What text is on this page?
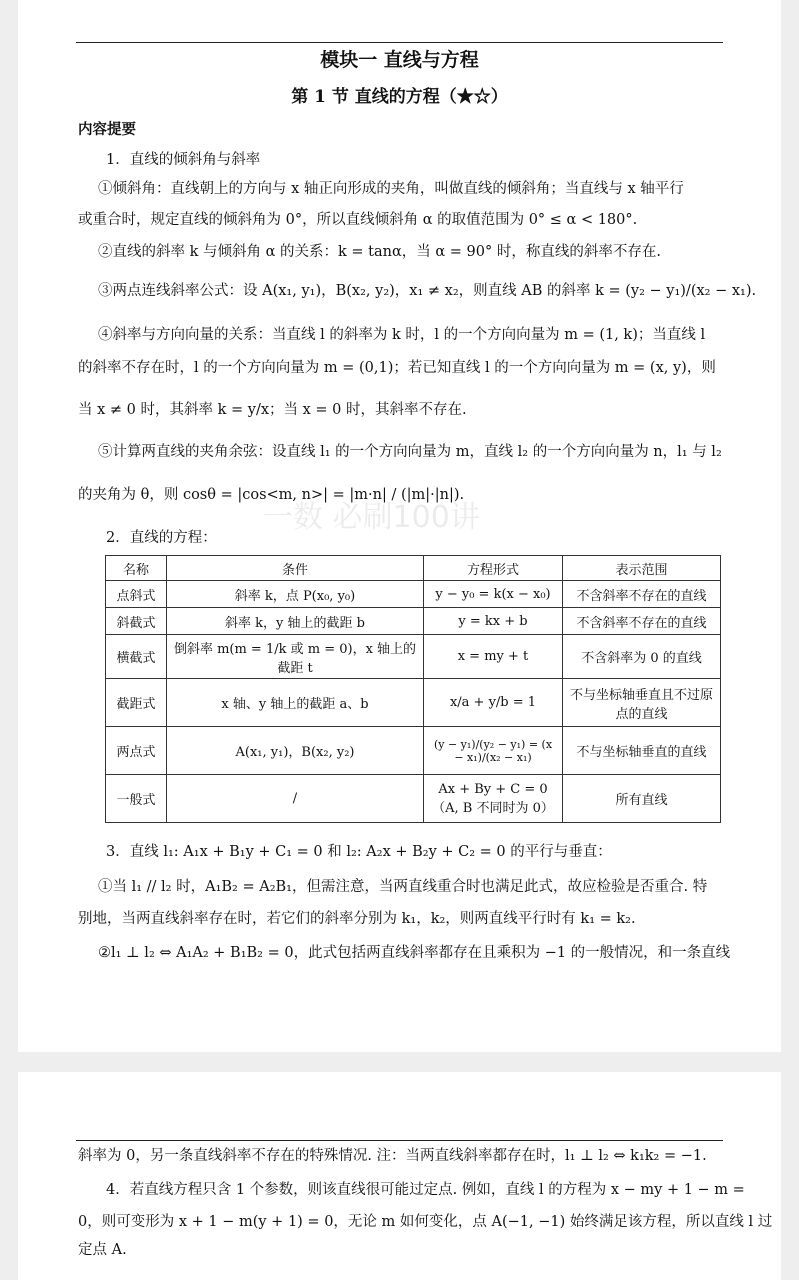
模块一 直线与方程
第 1 节 直线的方程（★☆）
内容提要
1．直线的倾斜角与斜率
①倾斜角：直线朝上的方向与 x 轴正向形成的夹角，叫做直线的倾斜角；当直线与 x 轴平行
或重合时，规定直线的倾斜角为 0°，所以直线倾斜角 α 的取值范围为 0° ≤ α < 180°.
②直线的斜率 k 与倾斜角 α 的关系：k = tanα，当 α = 90° 时，称直线的斜率不存在.
③两点连线斜率公式：设 A(x₁, y₁)，B(x₂, y₂)，x₁ ≠ x₂，则直线 AB 的斜率 k = (y₂ − y₁)/(x₂ − x₁).
④斜率与方向向量的关系：当直线 l 的斜率为 k 时，l 的一个方向向量为 m = (1, k)；当直线 l
的斜率不存在时，l 的一个方向向量为 m = (0,1)；若已知直线 l 的一个方向向量为 m = (x, y)，则
当 x ≠ 0 时，其斜率 k = y/x；当 x = 0 时，其斜率不存在.
⑤计算两直线的夹角余弦：设直线 l₁ 的一个方向向量为 m，直线 l₂ 的一个方向向量为 n，l₁ 与 l₂
的夹角为 θ，则 cosθ = |cos<m, n>| = |m·n| / (|m|·|n|).
一数 必刷100讲
2．直线的方程：
名称	条件	方程形式	表示范围
点斜式	斜率 k，点 P(x₀, y₀)	y − y₀ = k(x − x₀)	不含斜率不存在的直线
斜截式	斜率 k，y 轴上的截距 b	y = kx + b	不含斜率不存在的直线
横截式	倒斜率 m(m = 1/k 或 m = 0)，x 轴上的截距 t	x = my + t	不含斜率为 0 的直线
截距式	x 轴、y 轴上的截距 a、b	x/a + y/b = 1	不与坐标轴垂直且不过原点的直线
两点式	A(x₁, y₁)，B(x₂, y₂)	(y − y₁)/(y₂ − y₁) = (x − x₁)/(x₂ − x₁)	不与坐标轴垂直的直线
一般式	/	Ax + By + C = 0（A, B 不同时为 0）	所有直线
3．直线 l₁: A₁x + B₁y + C₁ = 0 和 l₂: A₂x + B₂y + C₂ = 0 的平行与垂直：
①当 l₁ // l₂ 时，A₁B₂ = A₂B₁，但需注意，当两直线重合时也满足此式，故应检验是否重合. 特
别地，当两直线斜率存在时，若它们的斜率分别为 k₁，k₂，则两直线平行时有 k₁ = k₂.
②l₁ ⊥ l₂ ⇔ A₁A₂ + B₁B₂ = 0，此式包括两直线斜率都存在且乘积为 −1 的一般情况，和一条直线
斜率为 0，另一条直线斜率不存在的特殊情况. 注：当两直线斜率都存在时，l₁ ⊥ l₂ ⇔ k₁k₂ = −1.
4．若直线方程只含 1 个参数，则该直线很可能过定点. 例如，直线 l 的方程为 x − my + 1 − m =
0，则可变形为 x + 1 − m(y + 1) = 0，无论 m 如何变化，点 A(−1, −1) 始终满足该方程，所以直线 l 过
定点 A.
